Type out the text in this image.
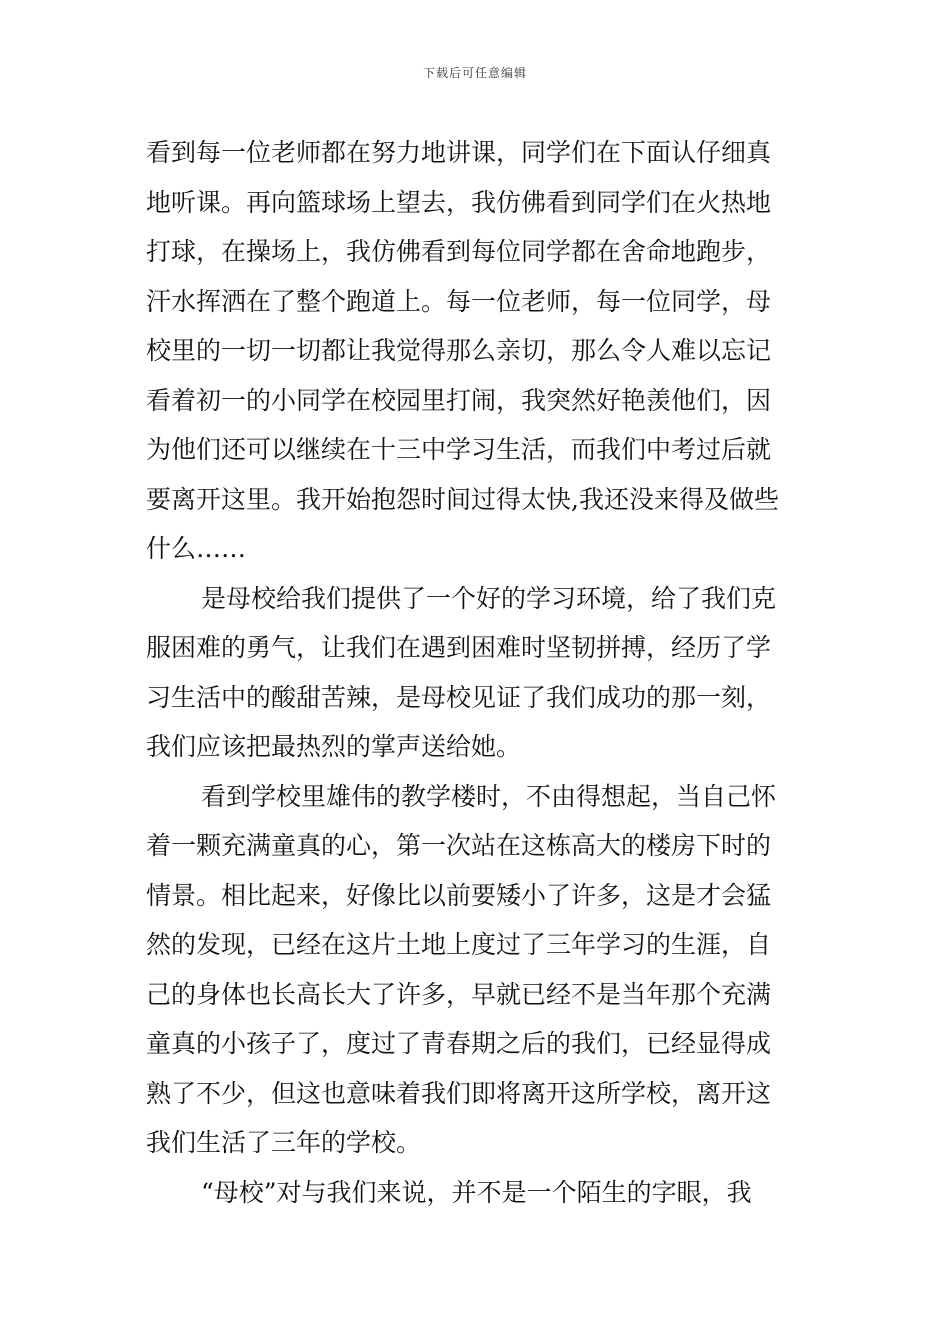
下载后可任意编辑
看到每一位老师都在努力地讲课，同学们在下面认仔细真
地听课。再向篮球场上望去，我仿佛看到同学们在火热地
打球，在操场上，我仿佛看到每位同学都在舍命地跑步，
汗水挥洒在了整个跑道上。每一位老师，每一位同学，母
校里的一切一切都让我觉得那么亲切，那么令人难以忘记
看着初一的小同学在校园里打闹，我突然好艳羡他们，因
为他们还可以继续在十三中学习生活，而我们中考过后就
要离开这里。我开始抱怨时间过得太快,我还没来得及做些
什么……
是母校给我们提供了一个好的学习环境，给了我们克
服困难的勇气，让我们在遇到困难时坚韧拼搏，经历了学
习生活中的酸甜苦辣，是母校见证了我们成功的那一刻，
我们应该把最热烈的掌声送给她。
看到学校里雄伟的教学楼时，不由得想起，当自己怀
着一颗充满童真的心，第一次站在这栋高大的楼房下时的
情景。相比起来，好像比以前要矮小了许多，这是才会猛
然的发现，已经在这片土地上度过了三年学习的生涯，自
己的身体也长高长大了许多，早就已经不是当年那个充满
童真的小孩子了，度过了青春期之后的我们，已经显得成
熟了不少，但这也意味着我们即将离开这所学校，离开这
我们生活了三年的学校。
“母校”对与我们来说，并不是一个陌生的字眼，我
